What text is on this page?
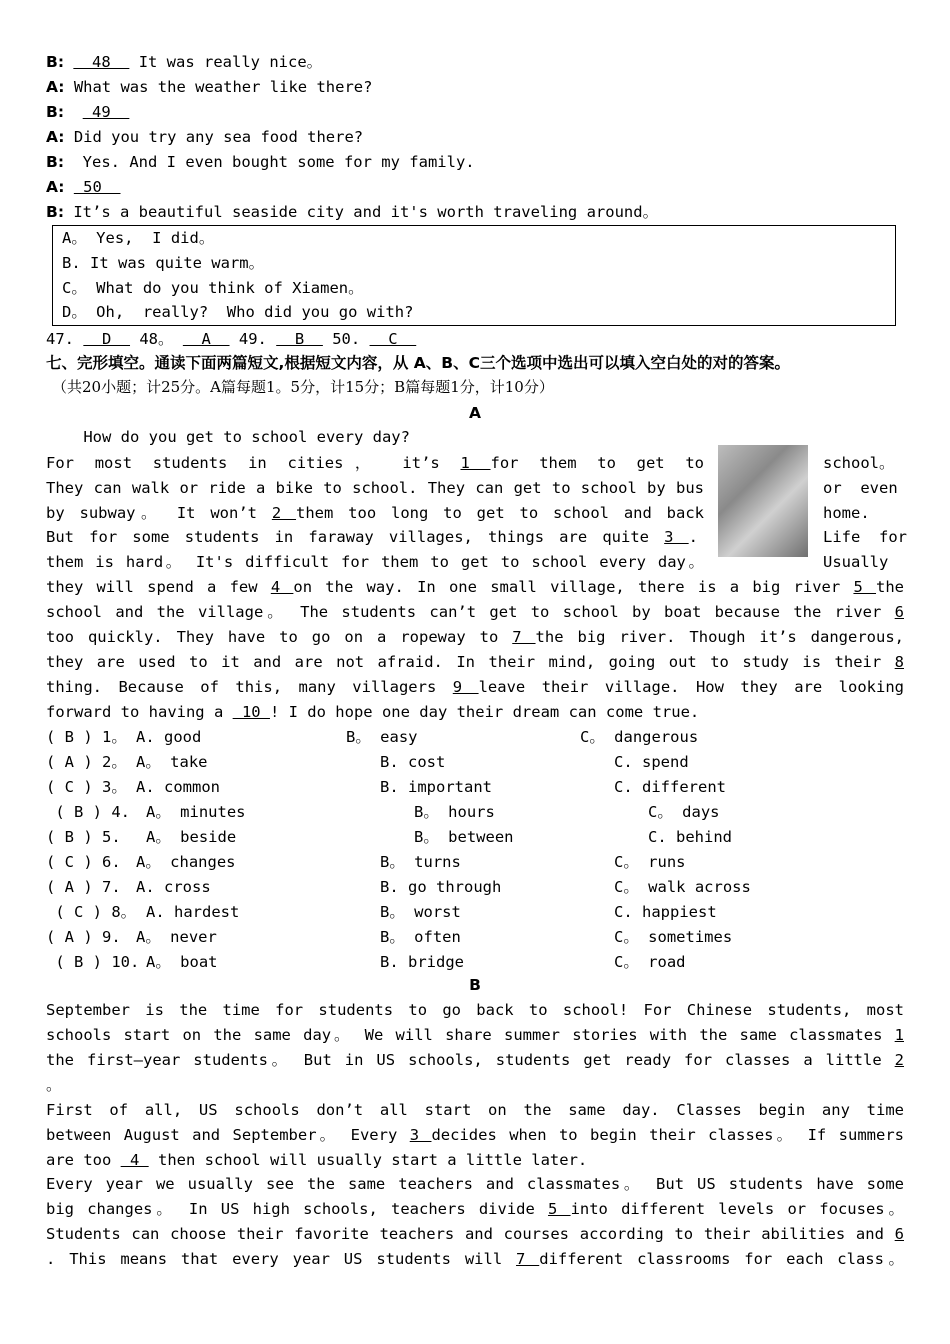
B:   48   It was really nice。
A: What was the weather like there?
B:   49
A: Did you try any sea food there?
B:  Yes. And I even bought some for my family.
A:  50
B: It’s a beautiful seaside city and it's worth traveling around。
A。 Yes,  I did。
B. It was quite warm。
C。 What do you think of Xiamen。
D。 Oh,  really?  Who did you go with?
47.   D   48。   A   49.   B   50.   C
七、完形填空。通读下面两篇短文,根据短文内容，从 A、B、C三个选项中选出可以填入空白处的对的答案。
（共20小题；计25分。A篇每题1。5分，计15分；B篇每题1分，计10分）
A
How do you get to school every day?
For most students in cities， it’s 1 for them to get to
They can walk or ride a bike to school. They can get to school by bus
by subway。 It won’t 2 them too long to get to school and back
But for some students in faraway villages, things are quite 3 .
them is hard。 It's difficult for them to get to school every day。
they will spend a few 4 on the way. In one small village, there is a big river 5 the
school and the village。 The students can’t get to school by boat because the river 6
too quickly. They have to go on a ropeway to 7 the big river. Though it’s dangerous,
they are used to it and are not afraid. In their mind, going out to study is their 8
thing. Because of this, many villagers 9 leave their village. How they are looking
forward to having a  10 ! I do hope one day their dream can come true.
school。
or  even
home.
Life  for
Usually
( B ) 1。 A. good	B。 easy	C。 dangerous
( A ) 2。 A。 take	B. cost	C. spend
( C ) 3。 A. common	B. important	C. different
( B ) 4. A。 minutes	B。 hours	C。 days
( B ) 5. A。 beside	B。 between	C. behind
( C ) 6. A。 changes	B。 turns	C。 runs
( A ) 7. A. cross	B. go through	C。 walk across
( C ) 8。 A. hardest	B。 worst	C. happiest
( A ) 9. A。 never	B。 often	C。 sometimes
( B ) 10. A。 boat	B. bridge	C。 road
B
September is the time for students to go back to school! For Chinese students, most
schools start on the same day。 We will share summer stories with the same classmates 1
the first—year students。 But in US schools, students get ready for classes a little 2
。
First of all, US schools don’t all start on the same day. Classes begin any time
between August and September。 Every 3 decides when to begin their classes。 If summers
are too  4  then school will usually start a little later.
Every year we usually see the same teachers and classmates。 But US students have some
big changes。 In US high schools, teachers divide 5 into different levels or focuses。
Students can choose their favorite teachers and courses according to their abilities and 6
. This means that every year US students will 7 different classrooms for each class。
